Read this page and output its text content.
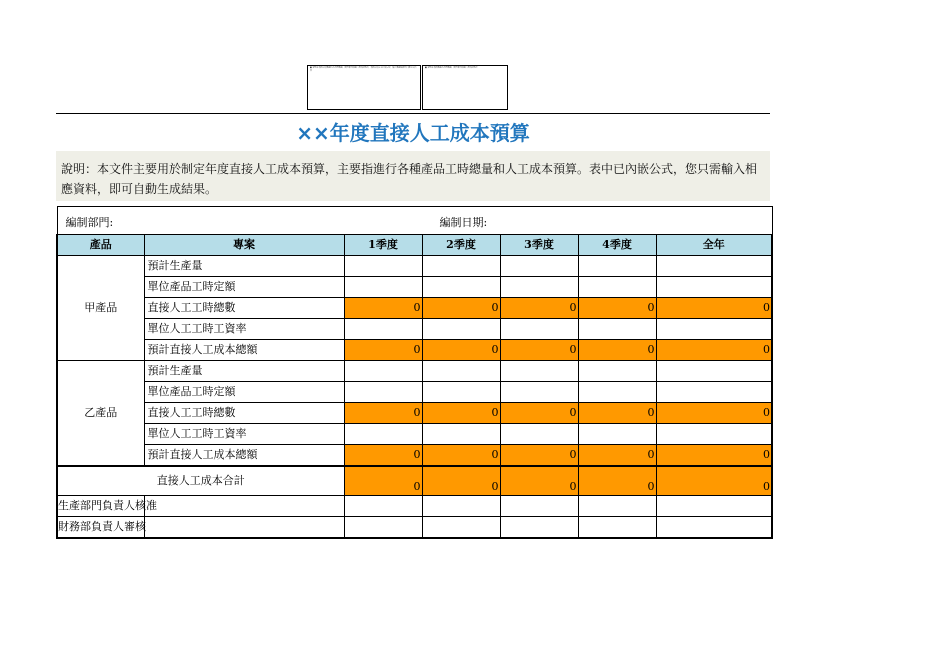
■ 說明本表格中的數據均為示例數據，使用者可根據自身情況修改，表格中的公式已設定好，輸入數據後即可自動生成結果
■ 說明本表格數據為示例數據，使用者可根據自身情況修改
××年度直接人工成本預算
說明：本文件主要用於制定年度直接人工成本預算，主要指進行各種產品工時總量和人工成本預算。表中已內嵌公式，您只需輸入相應資料，即可自動生成結果。
編制部門: 編制日期:						

產品	專案	1季度	2季度	3季度	4季度	全年
甲產品	預計生產量					
	單位產品工時定額					
	直接人工工時總數	0	0	0	0	0
	單位人工工時工資率					
	預計直接人工成本總額	0	0	0	0	0
乙產品	預計生產量					
	單位產品工時定額					
	直接人工工時總數	0	0	0	0	0
	單位人工工時工資率					
	預計直接人工成本總額	0	0	0	0	0
直接人工成本合計		0	0	0	0	0
生產部門負責人核准						
財務部負責人審核						
